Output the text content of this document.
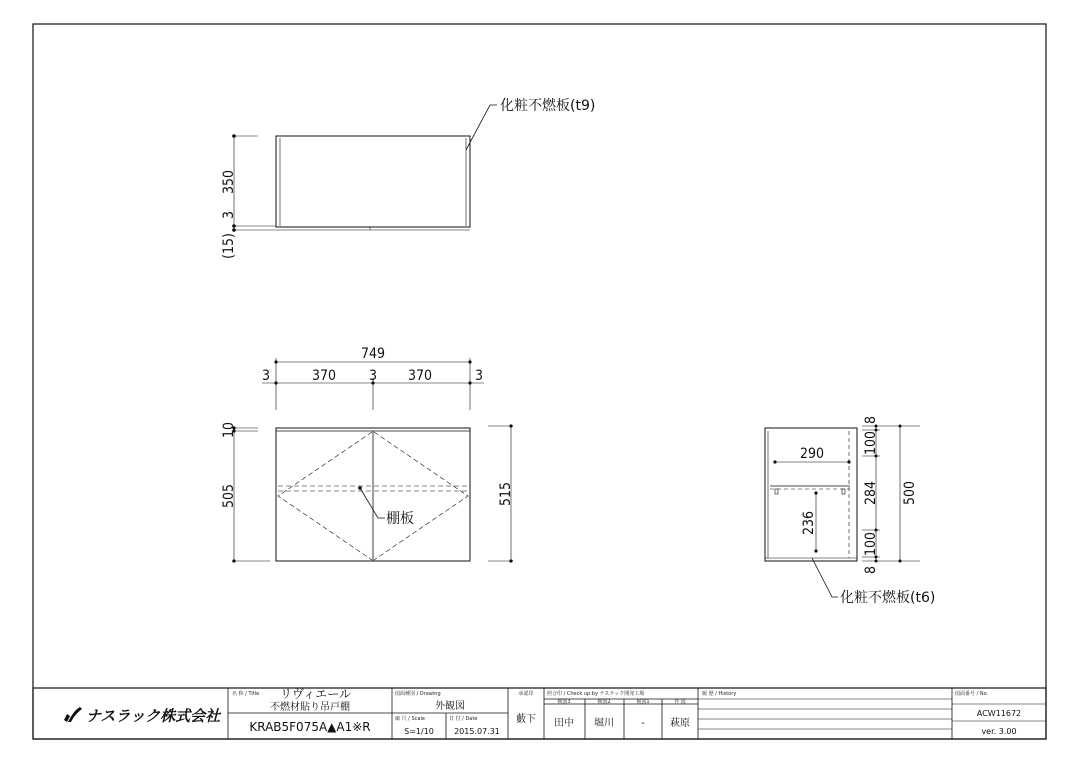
350
3
(15)
化粧不燃板(t9)
749
3	370 3 370	3
10
505	515
棚板
290
236
8
100
284
100
8
500
化粧不燃板(t6)
ナスラック株式会社
名 称 / Title リヴィエール
不燃材貼り吊戸棚
KRAB5F075A▲A1※R
図面種別 / Drawing
外観図
縮 尺 / Scale
S=1/10
日 付 / Date
2015.07.31
承認印
藪下
照合印 / Check up by ナスラック開発工場
検図3	検図2	検図1	作 図
田中 堀川	-	萩原
履 歴 / History	図面番号 / No.
ACW11672
ver. 3.00
